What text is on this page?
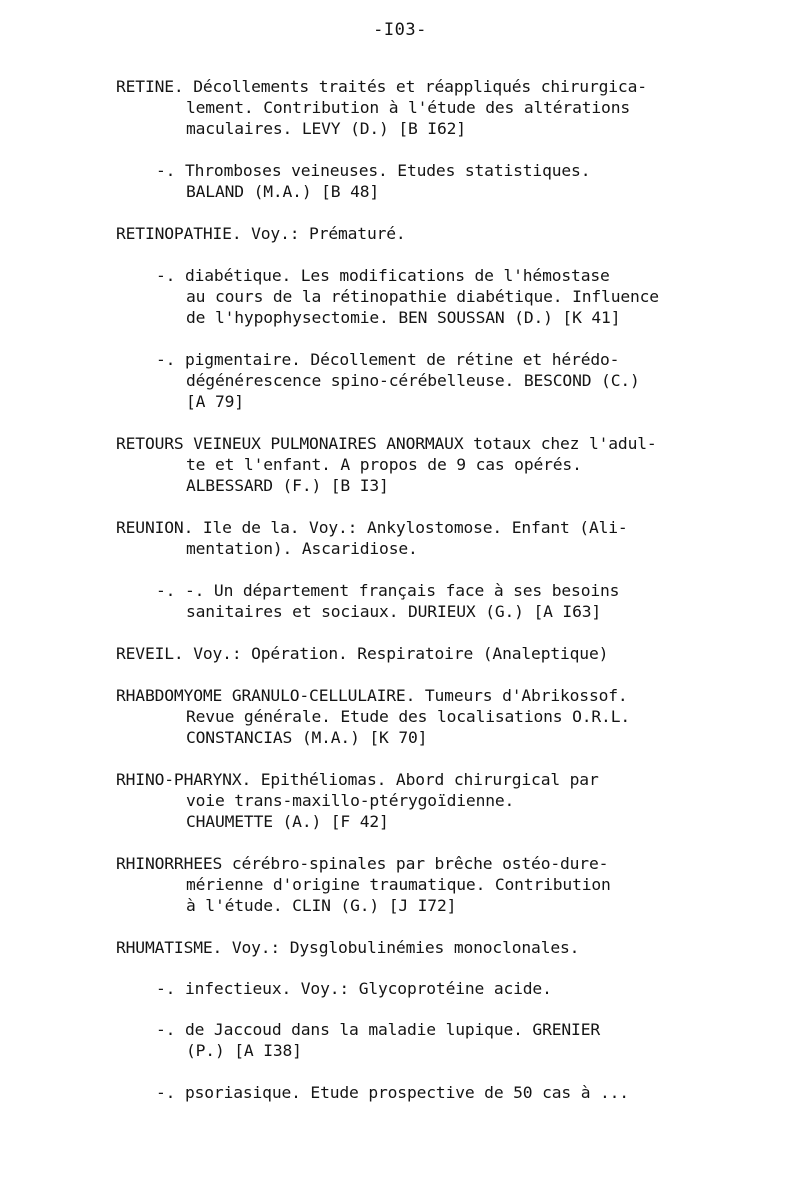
-I03-
RETINE. Décollements traités et réappliqués chirurgica-
lement. Contribution à l'étude des altérations
maculaires. LEVY (D.) [B I62]
-. Thromboses veineuses. Etudes statistiques.
BALAND (M.A.) [B 48]
RETINOPATHIE. Voy.: Prématuré.
-. diabétique. Les modifications de l'hémostase
au cours de la rétinopathie diabétique. Influence
de l'hypophysectomie. BEN SOUSSAN (D.) [K 41]
-. pigmentaire. Décollement de rétine et hérédo-
dégénérescence spino-cérébelleuse. BESCOND (C.)
[A 79]
RETOURS VEINEUX PULMONAIRES ANORMAUX totaux chez l'adul-
te et l'enfant. A propos de 9 cas opérés.
ALBESSARD (F.) [B I3]
REUNION. Ile de la. Voy.: Ankylostomose. Enfant (Ali-
mentation). Ascaridiose.
-. -. Un département français face à ses besoins
sanitaires et sociaux. DURIEUX (G.) [A I63]
REVEIL. Voy.: Opération. Respiratoire (Analeptique)
RHABDOMYOME GRANULO-CELLULAIRE. Tumeurs d'Abrikossof.
Revue générale. Etude des localisations O.R.L.
CONSTANCIAS (M.A.) [K 70]
RHINO-PHARYNX. Epithéliomas. Abord chirurgical par
voie trans-maxillo-ptérygoïdienne.
CHAUMETTE (A.) [F 42]
RHINORRHEES cérébro-spinales par brêche ostéo-dure-
mérienne d'origine traumatique. Contribution
à l'étude. CLIN (G.) [J I72]
RHUMATISME. Voy.: Dysglobulinémies monoclonales.
-. infectieux. Voy.: Glycoprotéine acide.
-. de Jaccoud dans la maladie lupique. GRENIER
(P.) [A I38]
-. psoriasique. Etude prospective de 50 cas à ...
